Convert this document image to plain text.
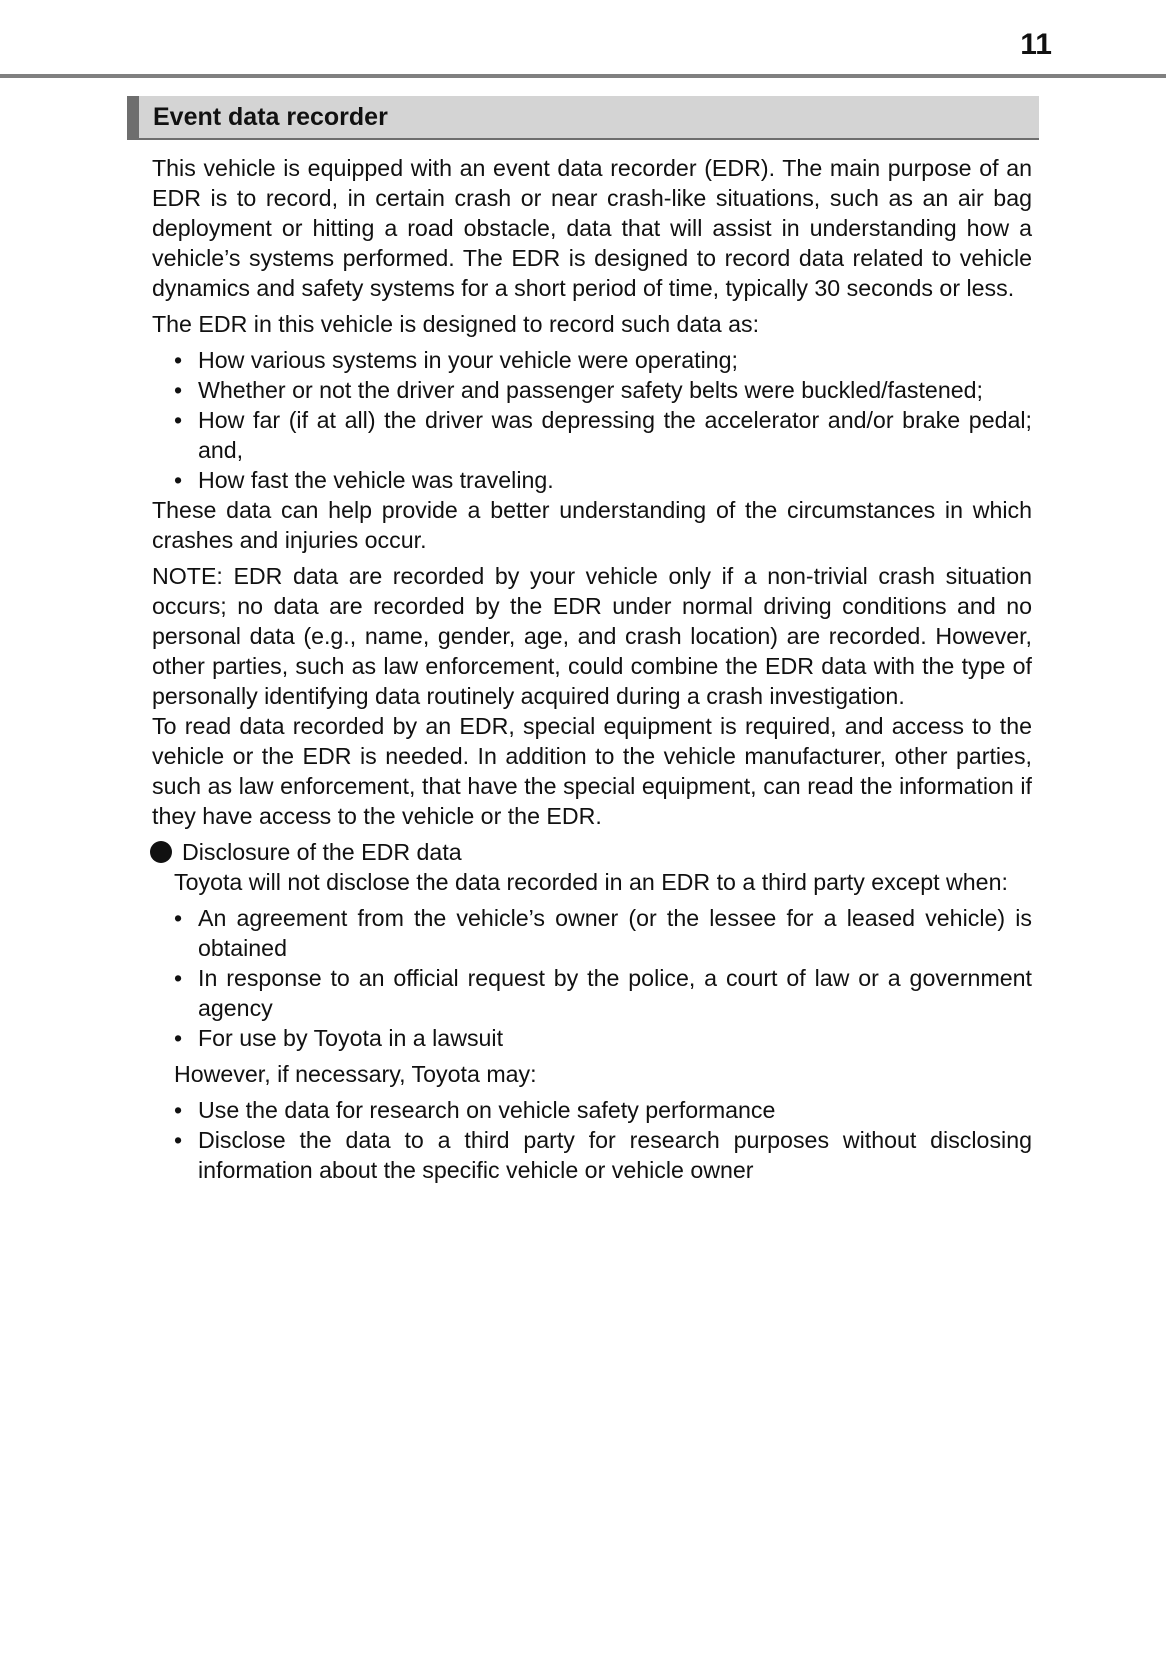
11
Event data recorder

This vehicle is equipped with an event data recorder (EDR). The main purpose of an EDR is to record, in certain crash or near crash-like situations, such as an air bag deployment or hitting a road obstacle, data that will assist in understanding how a vehicle’s systems performed. The EDR is designed to record data related to vehicle dynamics and safety systems for a short period of time, typically 30 seconds or less.

The EDR in this vehicle is designed to record such data as:

• How various systems in your vehicle were operating;
• Whether or not the driver and passenger safety belts were buckled/fastened;
• How far (if at all) the driver was depressing the accelerator and/or brake pedal; and,
• How fast the vehicle was traveling.

These data can help provide a better understanding of the circumstances in which crashes and injuries occur.

NOTE: EDR data are recorded by your vehicle only if a non-trivial crash situation occurs; no data are recorded by the EDR under normal driving conditions and no personal data (e.g., name, gender, age, and crash location) are recorded. However, other parties, such as law enforcement, could combine the EDR data with the type of personally identifying data routinely acquired during a crash investigation.

To read data recorded by an EDR, special equipment is required, and access to the vehicle or the EDR is needed. In addition to the vehicle manufacturer, other parties, such as law enforcement, that have the special equipment, can read the information if they have access to the vehicle or the EDR.

Disclosure of the EDR data

Toyota will not disclose the data recorded in an EDR to a third party except when:

• An agreement from the vehicle’s owner (or the lessee for a leased vehicle) is obtained
• In response to an official request by the police, a court of law or a government agency
• For use by Toyota in a lawsuit

However, if necessary, Toyota may:

• Use the data for research on vehicle safety performance
• Disclose the data to a third party for research purposes without disclosing information about the specific vehicle or vehicle owner
